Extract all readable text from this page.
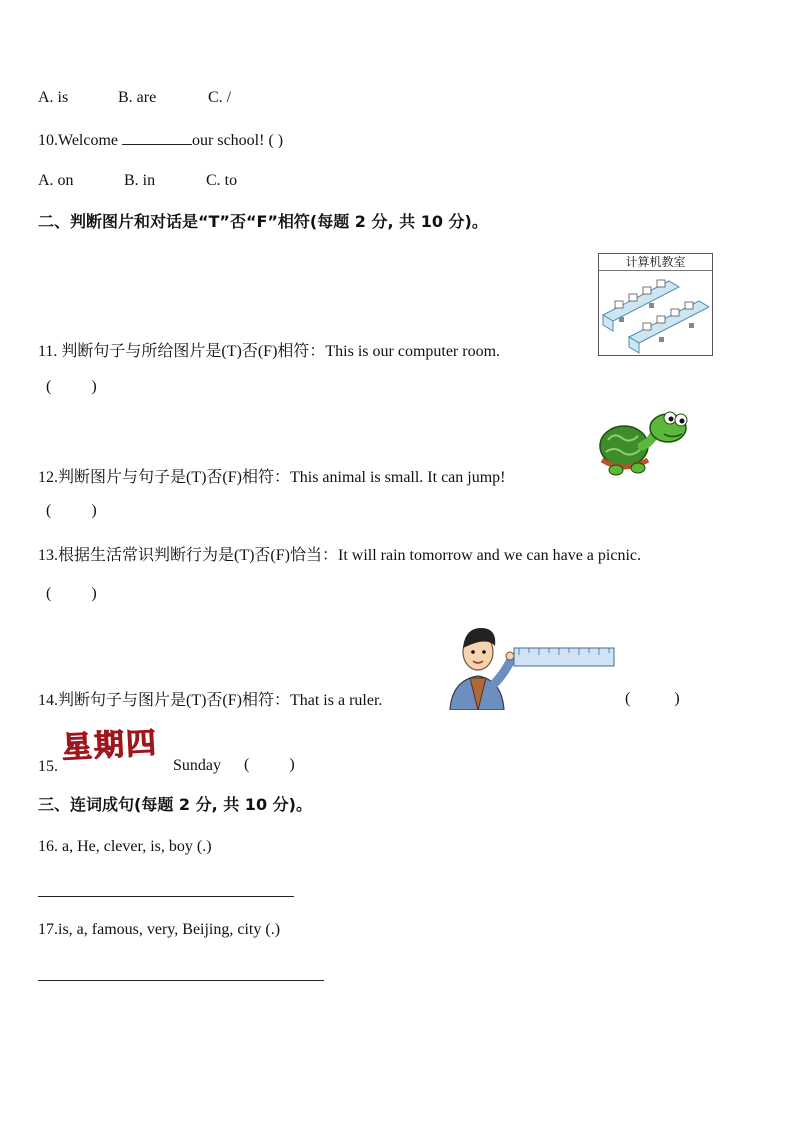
A. is	B. are	C. /
10.Welcome	our school! ( )
A. on	B. in	C. to
二、判断图片和对话是“T”否“F”相符(每题 2 分, 共 10 分)。
计算机教室
11. 判断句子与所给图片是(T)否(F)相符：This is our computer room.
(          )
12.判断图片与句子是(T)否(F)相符：This animal is small. It can jump!
(          )
13.根据生活常识判断行为是(T)否(F)恰当：It will rain tomorrow and we can have a picnic.
(          )
14.判断句子与图片是(T)否(F)相符：That is a ruler.	(           )
15.
星期四 Sunday (          )
三、连词成句(每题 2 分, 共 10 分)。
16. a, He, clever, is, boy (.)
17.is, a, famous, very, Beijing, city (.)
